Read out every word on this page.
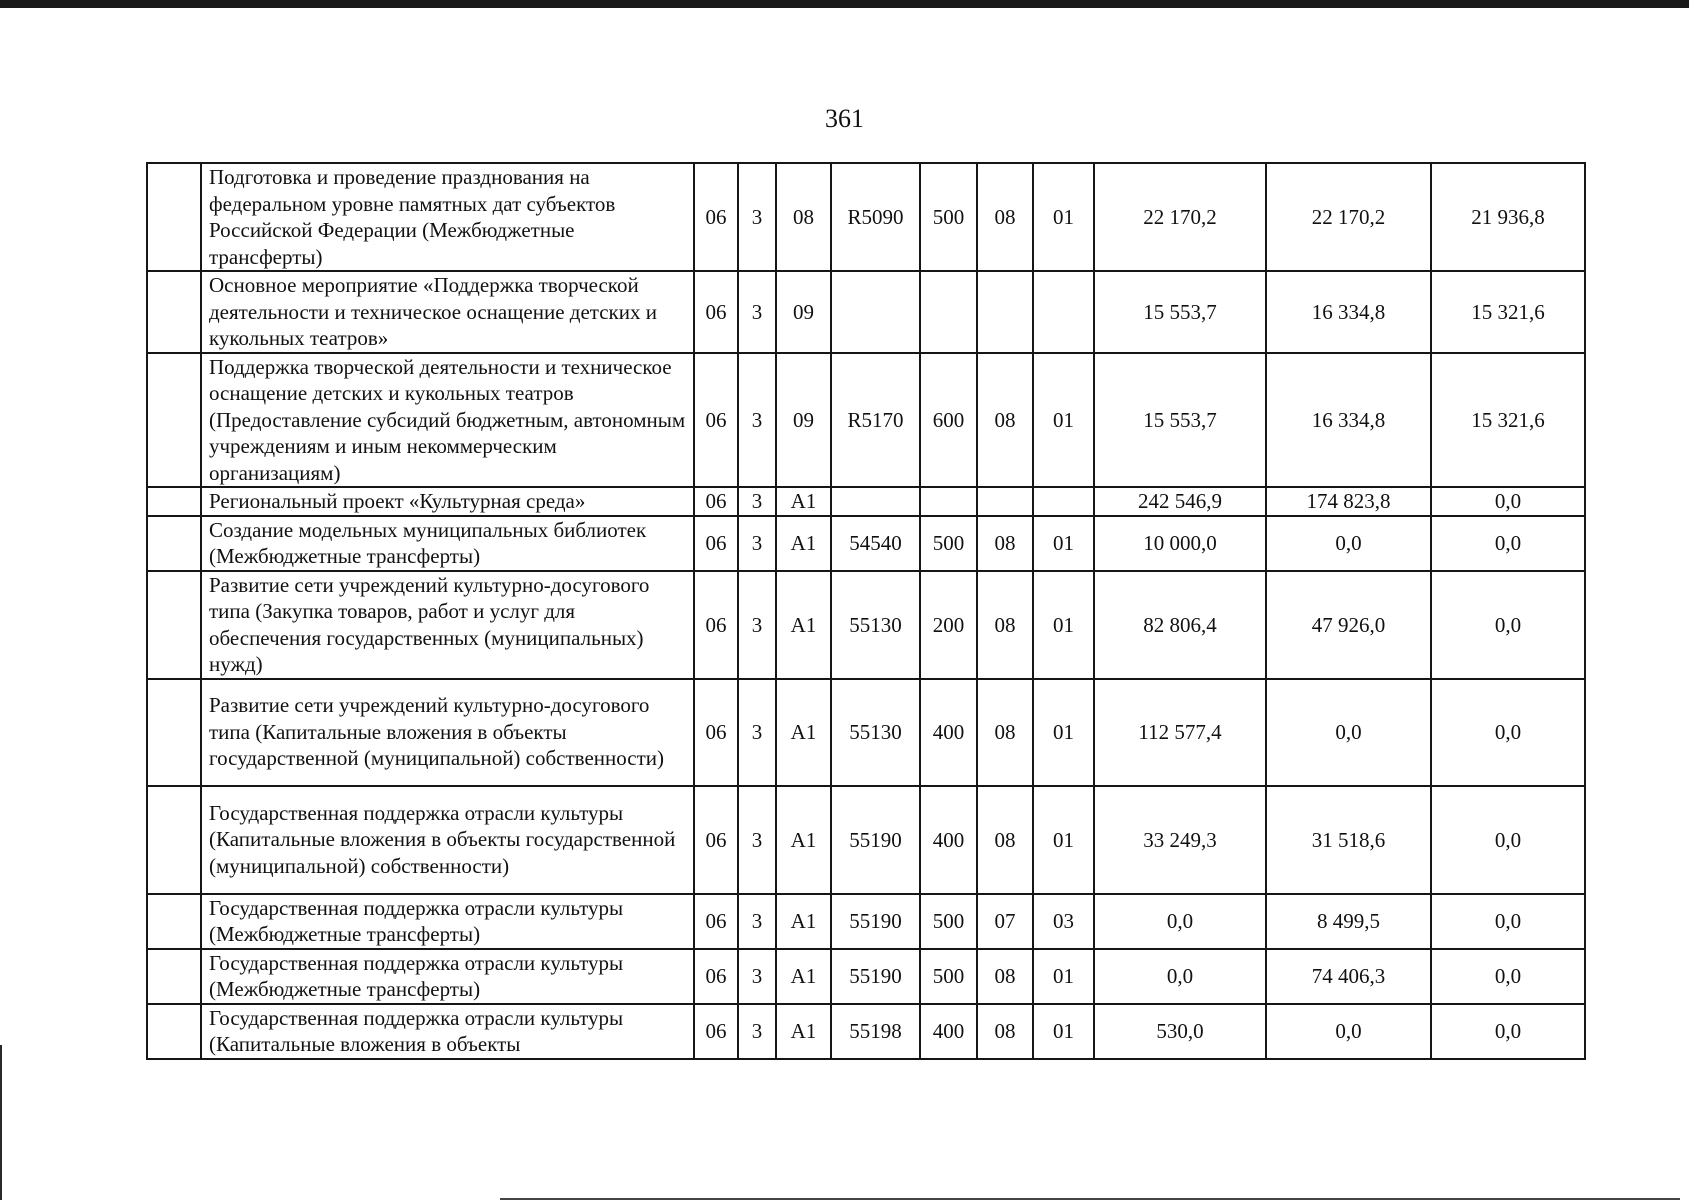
361
	Подготовка и проведение празднования на федеральном уровне памятных дат субъектов Российской Федерации (Межбюджетные трансферты)	06	3	08	R5090	500	08	01	22 170,2	22 170,2	21 936,8
	Основное мероприятие «Поддержка творческой деятельности и техническое оснащение детских и кукольных театров»	06	3	09					15 553,7	16 334,8	15 321,6
	Поддержка творческой деятельности и техническое оснащение детских и кукольных театров (Предоставление субсидий бюджетным, автономным учреждениям и иным некоммерческим организациям)	06	3	09	R5170	600	08	01	15 553,7	16 334,8	15 321,6
	Региональный проект «Культурная среда»	06	3	A1					242 546,9	174 823,8	0,0
	Создание модельных муниципальных библиотек (Межбюджетные трансферты)	06	3	A1	54540	500	08	01	10 000,0	0,0	0,0
	Развитие сети учреждений культурно-досугового типа (Закупка товаров, работ и услуг для обеспечения государственных (муниципальных) нужд)	06	3	A1	55130	200	08	01	82 806,4	47 926,0	0,0
	Развитие сети учреждений культурно-досугового типа (Капитальные вложения в объекты государственной (муниципальной) собственности)	06	3	A1	55130	400	08	01	112 577,4	0,0	0,0
	Государственная поддержка отрасли культуры (Капитальные вложения в объекты государственной (муниципальной) собственности)	06	3	A1	55190	400	08	01	33 249,3	31 518,6	0,0
	Государственная поддержка отрасли культуры (Межбюджетные трансферты)	06	3	A1	55190	500	07	03	0,0	8 499,5	0,0
	Государственная поддержка отрасли культуры (Межбюджетные трансферты)	06	3	A1	55190	500	08	01	0,0	74 406,3	0,0
	Государственная поддержка отрасли культуры (Капитальные вложения в объекты	06	3	A1	55198	400	08	01	530,0	0,0	0,0
